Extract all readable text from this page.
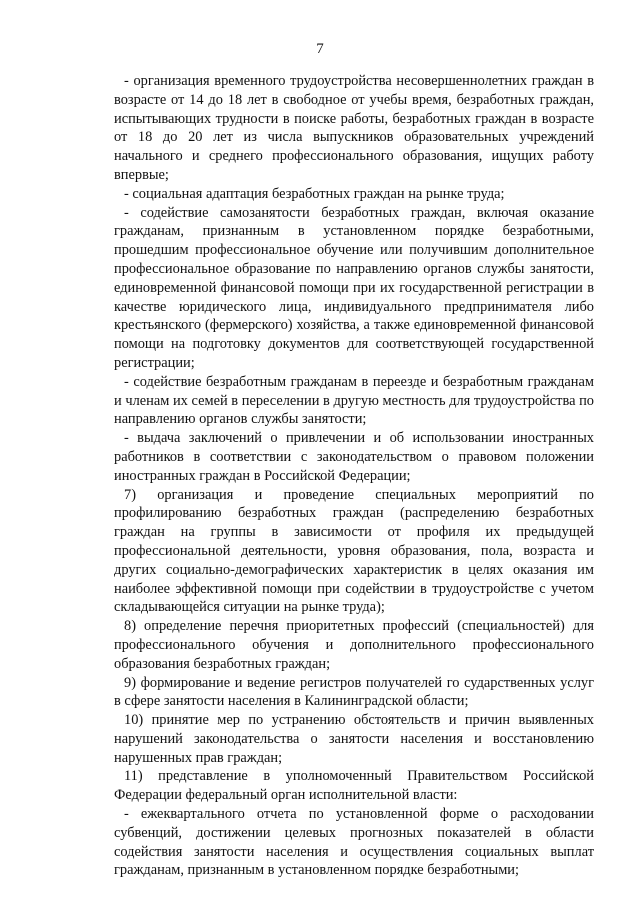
7

- организация временного трудоустройства несовершеннолетних граждан в возрасте от 14 до 18 лет в свободное от учебы время, безработных граждан, испытывающих трудности в поиске работы, безработных граждан в возрасте от 18 до 20 лет из числа выпускников образовательных учреждений начального и среднего профессионального образования, ищущих работу впервые;

- социальная адаптация безработных граждан на рынке труда;

- содействие самозанятости безработных граждан, включая оказание гражданам, признанным в установленном порядке безработными, прошедшим профессиональное обучение или получившим дополнительное профессиональное образование по направлению органов службы занятости, единовременной финансовой помощи при их государственной регистрации в качестве юридического лица, индивидуального предпринимателя либо крестьянского (фермерского) хозяйства, а также единовременной финансовой помощи на подготовку документов для соответствующей государственной регистрации;

- содействие безработным гражданам в переезде и безработным гражданам и членам их семей в переселении в другую местность для трудоустройства по направлению органов службы занятости;

- выдача заключений о привлечении и об использовании иностранных работников в соответствии с законодательством о правовом положении иностранных граждан в Российской Федерации;

7) организация и проведение специальных мероприятий по профилированию безработных граждан (распределению безработных граждан на группы в зависимости от профиля их предыдущей профессиональной деятельности, уровня образования, пола, возраста и других социально-демографических характеристик в целях оказания им наиболее эффективной помощи при содействии в трудоустройстве с учетом складывающейся ситуации на рынке труда);

8) определение перечня приоритетных профессий (специальностей) для профессионального обучения и дополнительного профессионального образования безработных граждан;

9) формирование и ведение регистров получателей го сударственных услуг в сфере занятости населения в Калининградской области;

10) принятие мер по устранению обстоятельств и причин выявленных нарушений законодательства о занятости населения и восстановлению нарушенных прав граждан;

11) представление в уполномоченный Правительством Российской Федерации федеральный орган исполнительной власти:

- ежеквартального отчета по установленной форме о расходовании субвенций, достижении целевых прогнозных показателей в области содействия занятости населения и осуществления социальных выплат гражданам, признанным в установленном порядке безработными;
